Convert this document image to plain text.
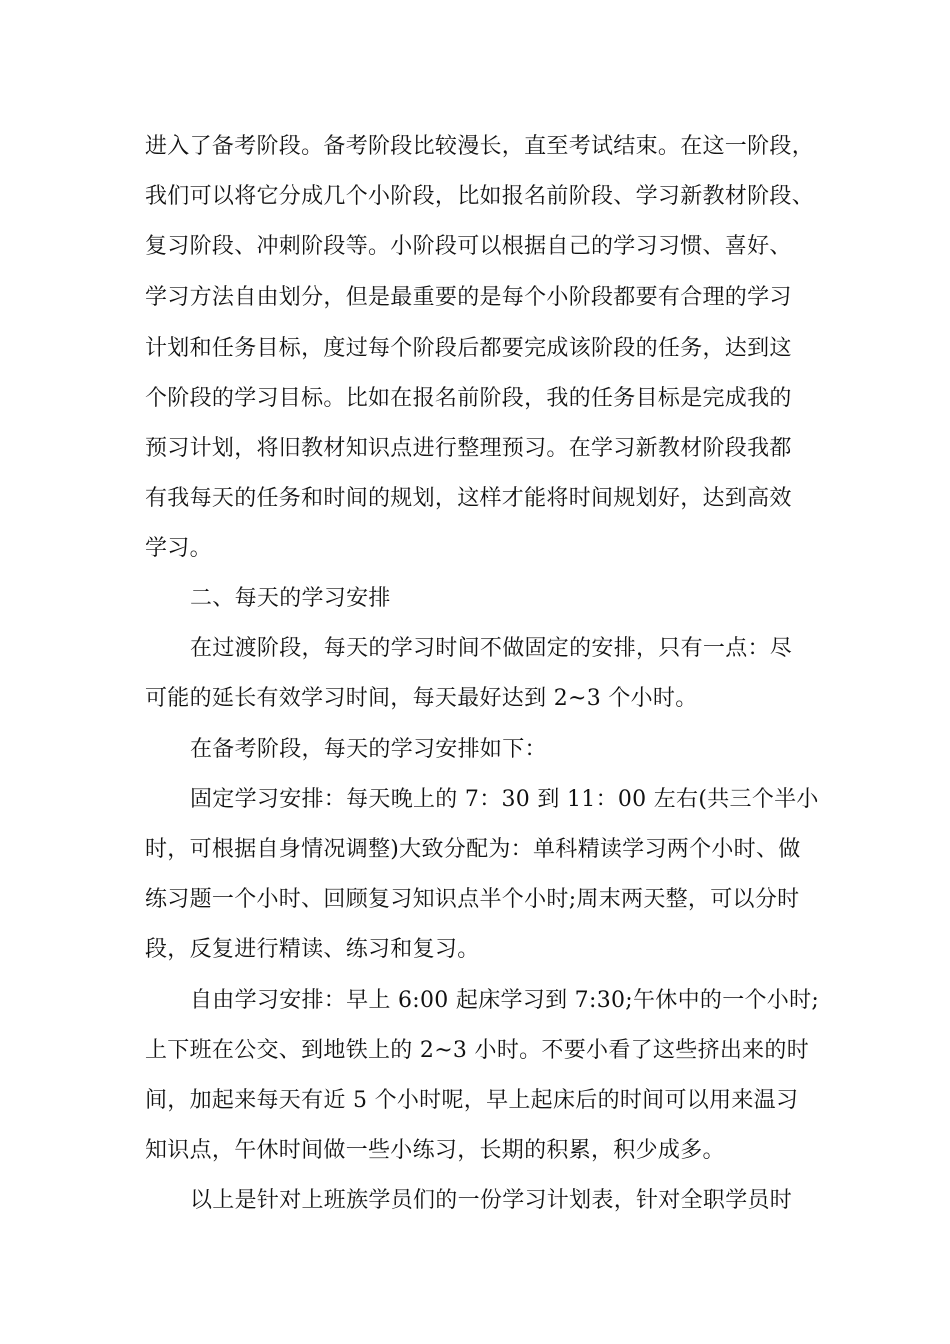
进入了备考阶段。备考阶段比较漫长，直至考试结束。在这一阶段，
我们可以将它分成几个小阶段，比如报名前阶段、学习新教材阶段、
复习阶段、冲刺阶段等。小阶段可以根据自己的学习习惯、喜好、
学习方法自由划分，但是最重要的是每个小阶段都要有合理的学习
计划和任务目标，度过每个阶段后都要完成该阶段的任务，达到这
个阶段的学习目标。比如在报名前阶段，我的任务目标是完成我的
预习计划，将旧教材知识点进行整理预习。在学习新教材阶段我都
有我每天的任务和时间的规划，这样才能将时间规划好，达到高效
学习。
二、每天的学习安排
在过渡阶段，每天的学习时间不做固定的安排，只有一点：尽
可能的延长有效学习时间，每天最好达到 2~3 个小时。
在备考阶段，每天的学习安排如下：
固定学习安排：每天晚上的 7：30 到 11：00 左右(共三个半小
时，可根据自身情况调整)大致分配为：单科精读学习两个小时、做
练习题一个小时、回顾复习知识点半个小时;周末两天整，可以分时
段，反复进行精读、练习和复习。
自由学习安排：早上 6:00 起床学习到 7:30;午休中的一个小时;
上下班在公交、到地铁上的 2~3 小时。不要小看了这些挤出来的时
间，加起来每天有近 5 个小时呢，早上起床后的时间可以用来温习
知识点，午休时间做一些小练习，长期的积累，积少成多。
以上是针对上班族学员们的一份学习计划表，针对全职学员时
